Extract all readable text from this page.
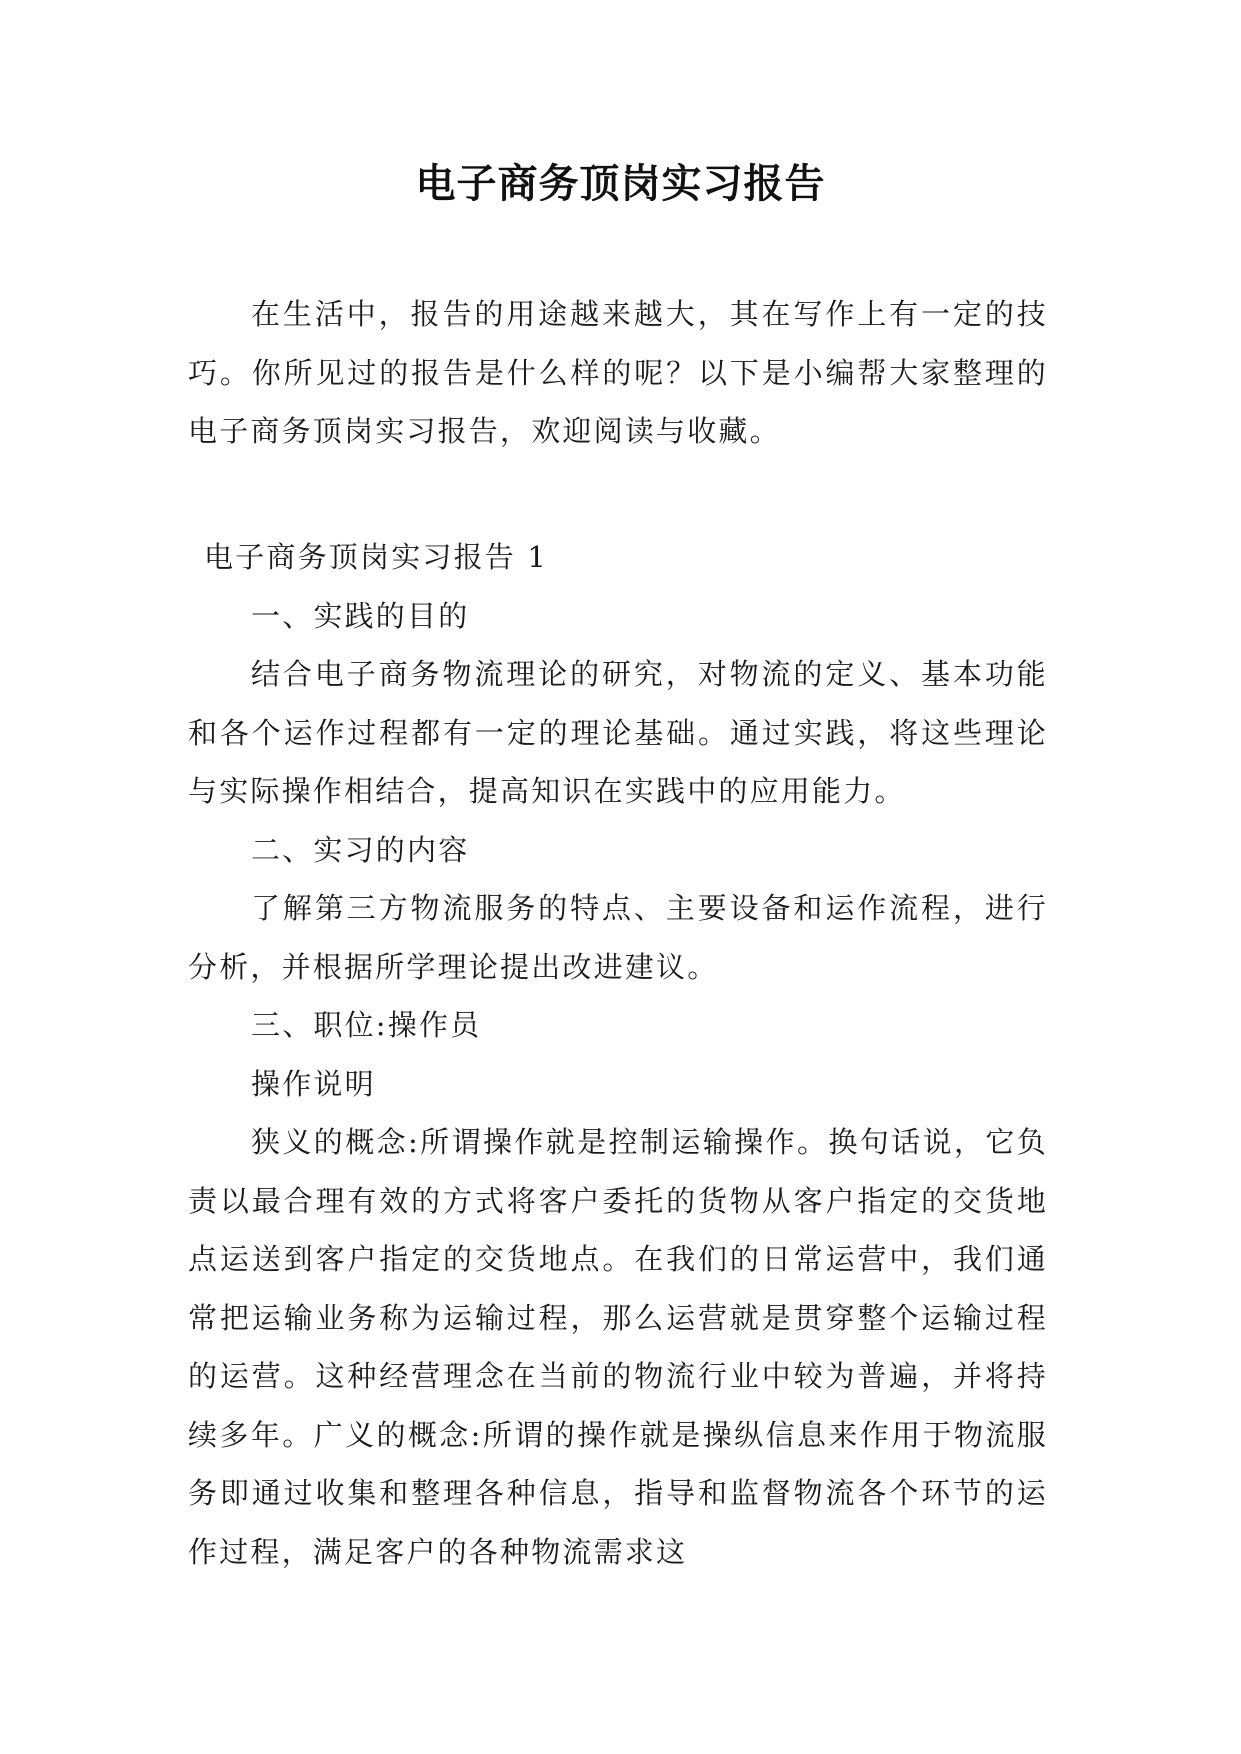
电子商务顶岗实习报告

在生活中，报告的用途越来越大，其在写作上有一定的技巧。你所见过的报告是什么样的呢？以下是小编帮大家整理的 电子商务顶岗实习报告，欢迎阅读与收藏。

电子商务顶岗实习报告 1

一、实践的目的

结合电子商务物流理论的研究，对物流的定义、基本功能和各个运作过程都有一定的理论基础。通过实践，将这些理论与实际操作相结合，提高知识在实践中的应用能力。

二、实习的内容

了解第三方物流服务的特点、主要设备和运作流程，进行分析，并根据所学理论提出改进建议。

三、职位:操作员

操作说明

狭义的概念:所谓操作就是控制运输操作。换句话说，它负责以最合理有效的方式将客户委托的货物从客户指定的交货地点运送到客户指定的交货地点。在我们的日常运营中，我们通常把运输业务称为运输过程，那么运营就是贯穿整个运输过程的运营。这种经营理念在当前的物流行业中较为普遍，并将持续多年。广义的概念:所谓的操作就是操纵信息来作用于物流服务即通过收集和整理各种信息，指导和监督物流各个环节的运作过程，满足客户的各种物流需求这
